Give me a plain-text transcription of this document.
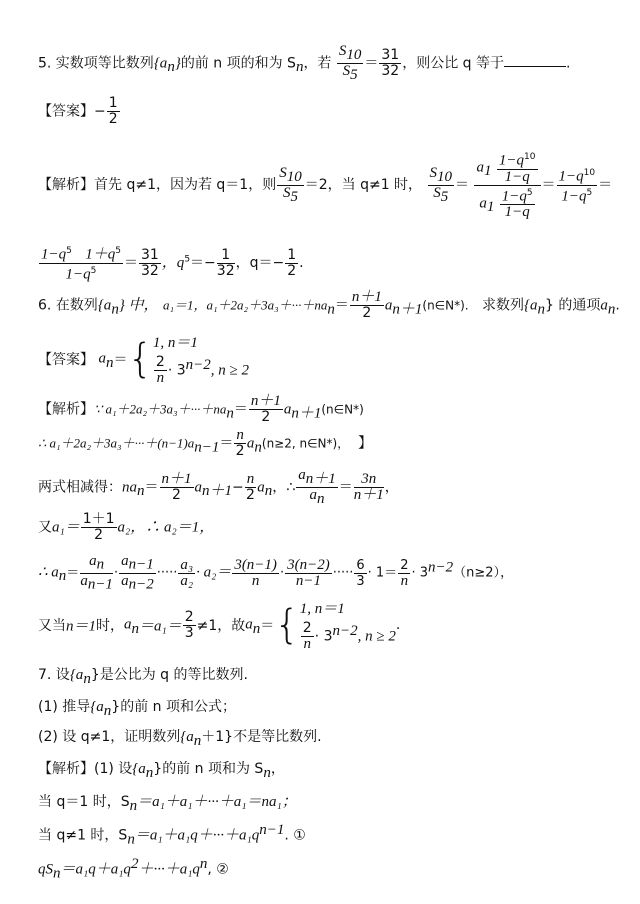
5. 实数项等比数列$\{a_n\}$的前 n 项的和为 $S_n$，若 $\frac{S_{10}}{S_5} = \frac{31}{32}$ ，则公比 q 等于	.
【答案】− $\frac{1}{2}$
【解析】首先 q≠1，因为若 q＝1，则 $\frac{S_{10}}{S_5} =2$，当 q≠1 时， $\frac{S_{10}}{S_5} = \frac{a_1 \frac{1-q^{10}}{1-q}}{a_1 \frac{1-q^5}{1-q}} = \frac{1-q^{10}}{1-q^5}$ ＝
$\frac{1-q^5 1+q^5}{1-q^5} = \frac{31}{32}$ ，$q^5=- \frac{1}{32}$ ，$q=- \frac{1}{2}$ .
6. 在数列$\{a_n\}$ 中， a₁＝1，$a_1+2a_2+3a_3+\cdot\cdot\cdot+na_n= \frac{n+1}{2}$ $a_{n+1}(n\in N*)$. 求数列$\{a_n\}$ 的通项$a_n$.
【答案】 $a_n=${ 1, n＝1
$\frac{2}{n} \cdot 3^{n-2}$, n ≥ 2
【解析】∵ $a_1+2a_2+3a_3+\cdot\cdot\cdot+na_n= \frac{n+1}{2}$ $a_{n+1}(n\in N*)$
∴ $a_1+2a_2+3a_3+\cdot\cdot\cdot+(n-1)a_{n-1}= \frac{n}{2} a_n(n\ge 2$, n∈N*)， 】
两式相减得：$na_n= \frac{n+1}{2} a_{n+1}- \frac{n}{2} a_n$，∴ $\frac{a_{n+1}}{a_n} = \frac{3n}{n+1}$ ，
又$a_1= \frac{1+1}{2} a_2$，∴ a₂＝1，
∴ $a_n= \frac{a_n}{a_{n-1}} \cdot \frac{a_{n-1}}{a_{n-2}}$ ····· $\frac{\text{a₃}}{\text{a₂}} \cdot a_2= \frac{3(n-1)}{n} \cdot \frac{3(n-2)}{n-1}$ ····· $\frac{6}{3} \cdot 1= \frac{2}{n} \cdot 3^{n-2}(n\ge 2)$，
又当n＝1时，$a_n=a_1= \frac{2}{3} \ne 1$，故$a_n=${ 1, n＝1
$\frac{2}{n} \cdot 3^{n-2}$, n ≥ 2
.
7. 设$\{a_n\}$是公比为 q 的等比数列.
(1) 推导$\{a_n\}$的前 n 项和公式；
(2) 设 q≠1，证明数列$\{a_n+1\}$不是等比数列.
【解析】(1) 设$\{a_n\}$的前 n 项和为 $S_n$，
当 q＝1 时，$S_n=a_1+a_1+\cdot\cdot\cdot+a_1=na_1$；
当 q≠1 时，$S_n=a_1+a_1q+\cdot\cdot\cdot+a_1q^{n-1}$. ①
$qS_n=a_1q+a_1q^2+\cdot\cdot\cdot+a_1q^n$, ②
